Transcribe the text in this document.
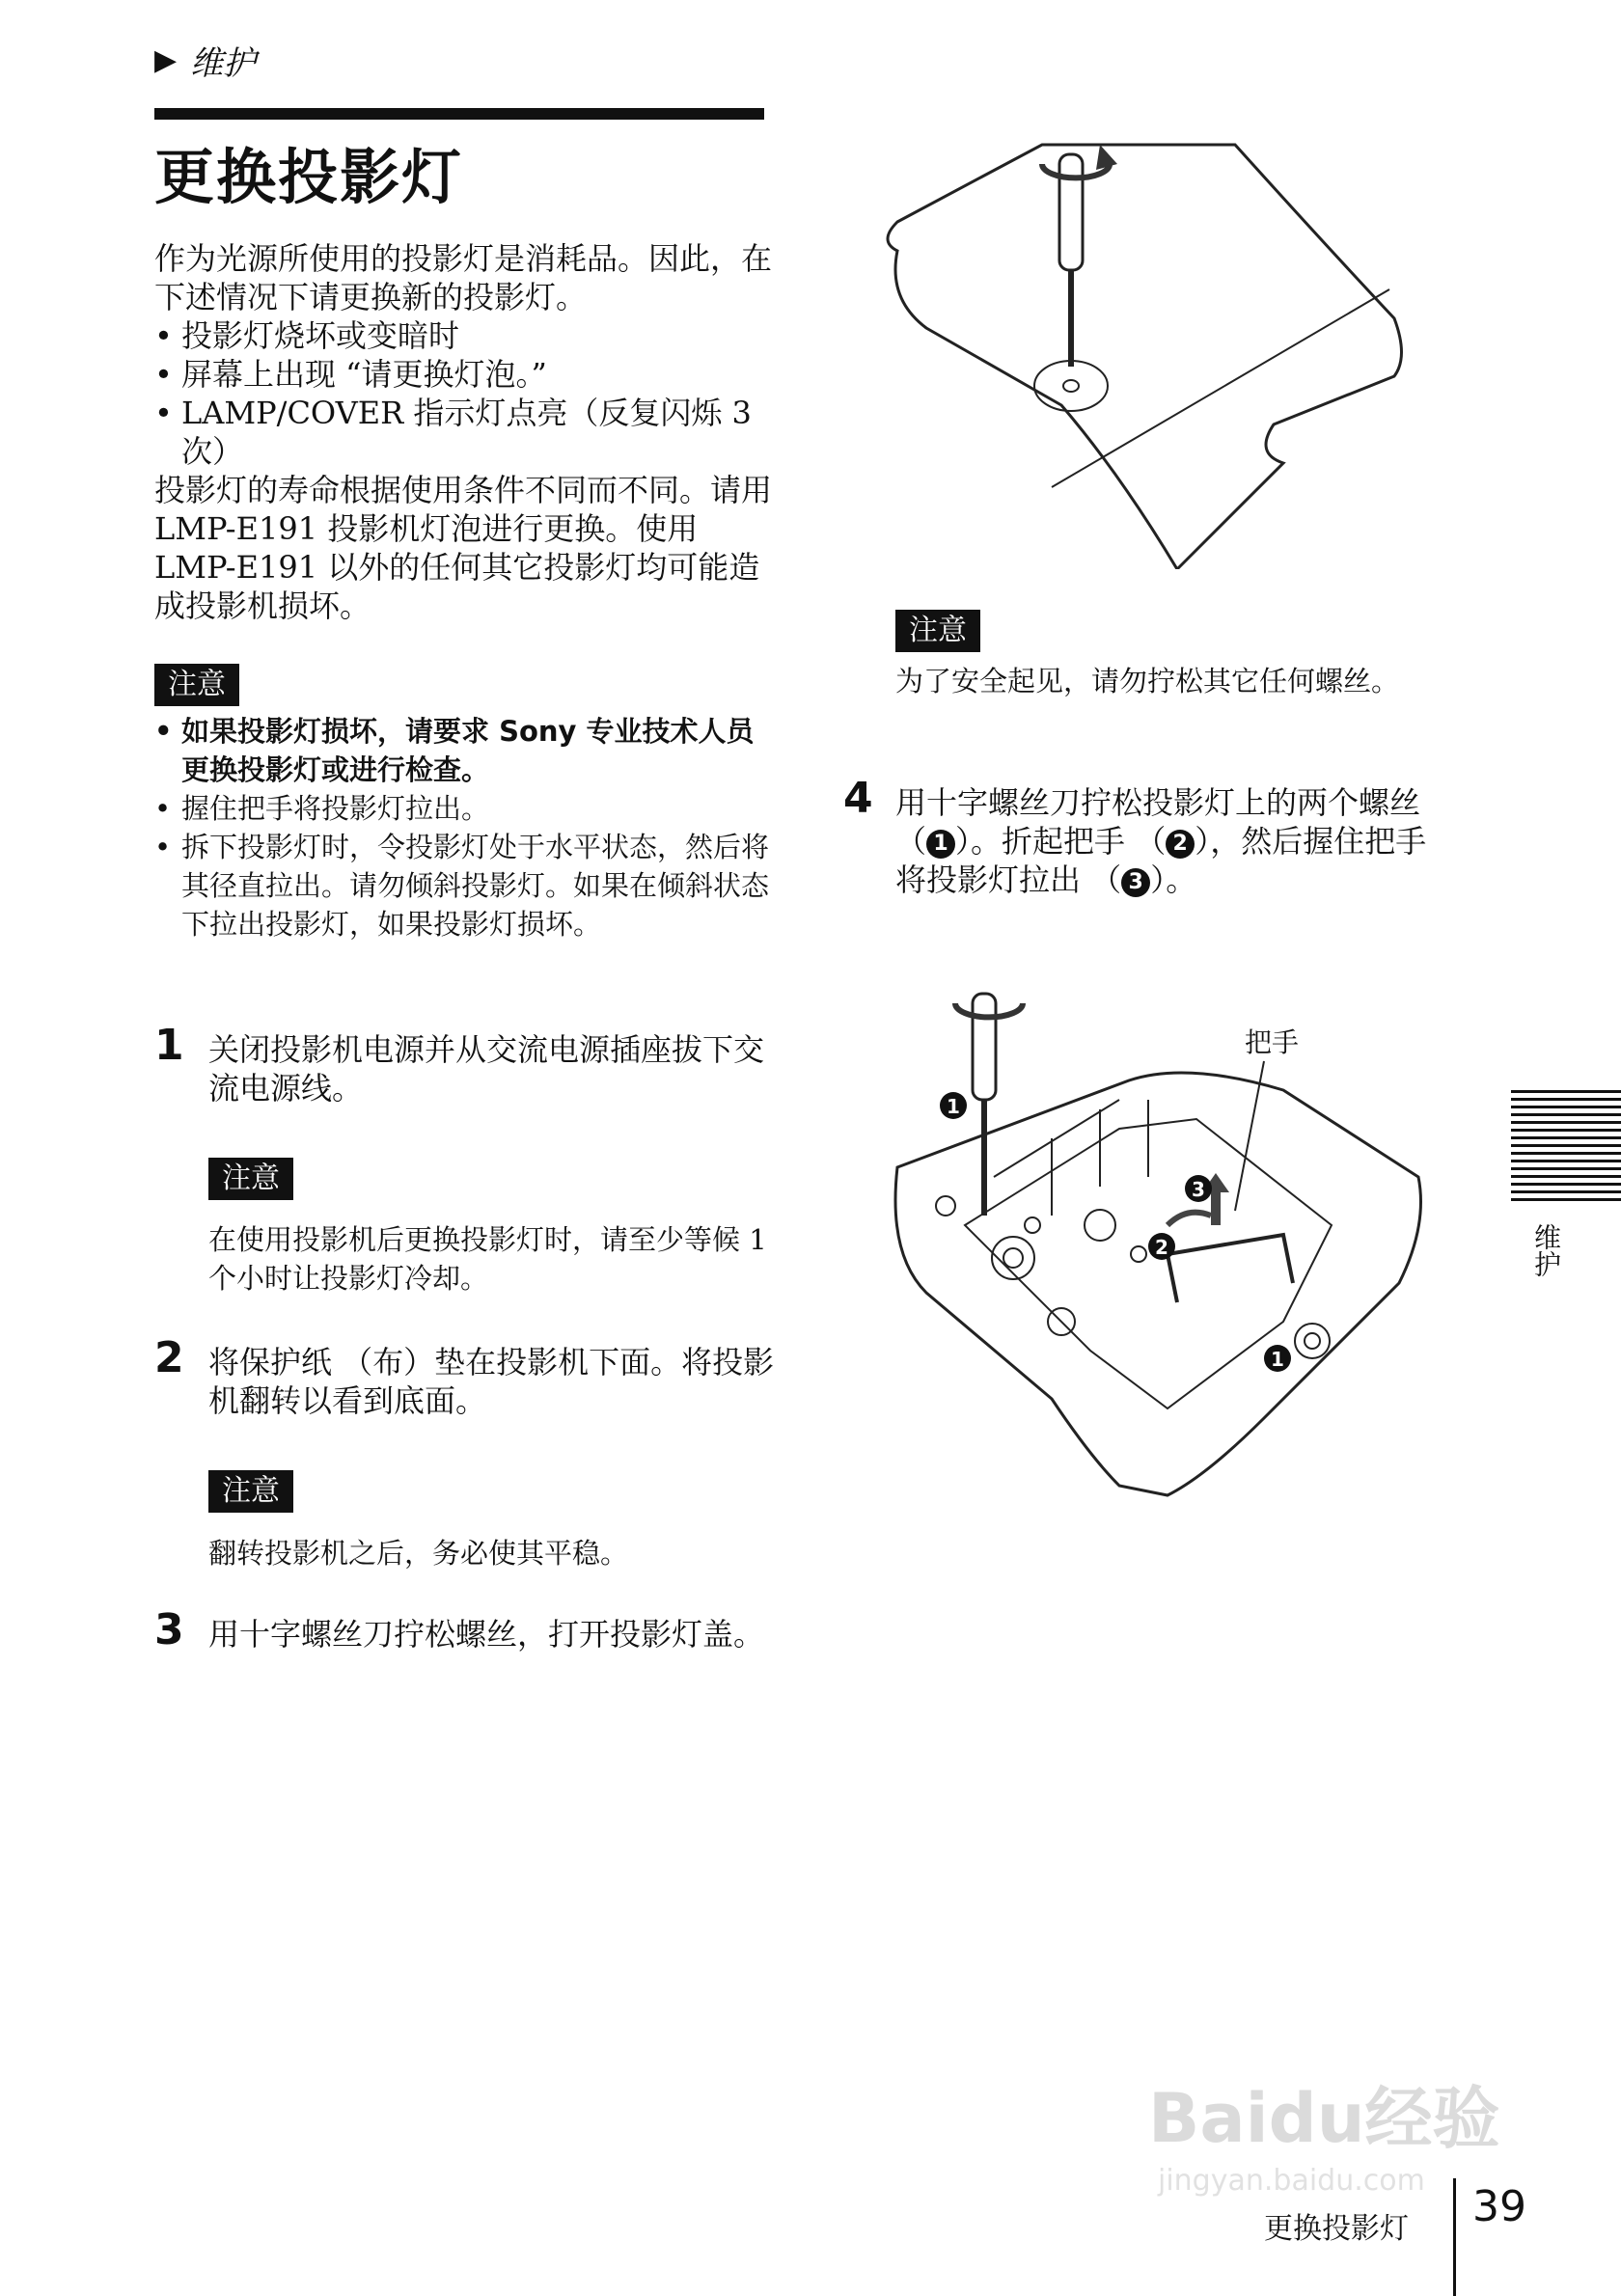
▶ 维护
更换投影灯

作为光源所使用的投影灯是消耗品。因此，在下述情况下请更换新的投影灯。

• 投影灯烧坏或变暗时
• 屏幕上出现 “请更换灯泡。”
• LAMP/COVER 指示灯点亮（反复闪烁 3 次）

投影灯的寿命根据使用条件不同而不同。请用 LMP-E191 投影机灯泡进行更换。使用 LMP-E191 以外的任何其它投影灯均可能造成投影机损坏。

注意
• 如果投影灯损坏，请要求 Sony 专业技术人员更换投影灯或进行检查。
• 握住把手将投影灯拉出。
• 拆下投影灯时，令投影灯处于水平状态，然后将其径直拉出。请勿倾斜投影灯。如果在倾斜状态下拉出投影灯，如果投影灯损坏。
1 关闭投影机电源并从交流电源插座拔下交流电源线。
注意
在使用投影机后更换投影灯时，请至少等候 1 个小时让投影灯冷却。
2 将保护纸 （布）垫在投影机下面。将投影机翻转以看到底面。
注意
翻转投影机之后，务必使其平稳。
3 用十字螺丝刀拧松螺丝，打开投影灯盖。
注意
为了安全起见，请勿拧松其它任何螺丝。
4 用十字螺丝刀拧松投影灯上的两个螺丝 （ 1 ）。折起把手 （ 2 ），然后握住把手将投影灯拉出 （ 3 ）。
把手
1
1
2
3
维护
Baidu经验
jingyan.baidu.com
更换投影灯 39
